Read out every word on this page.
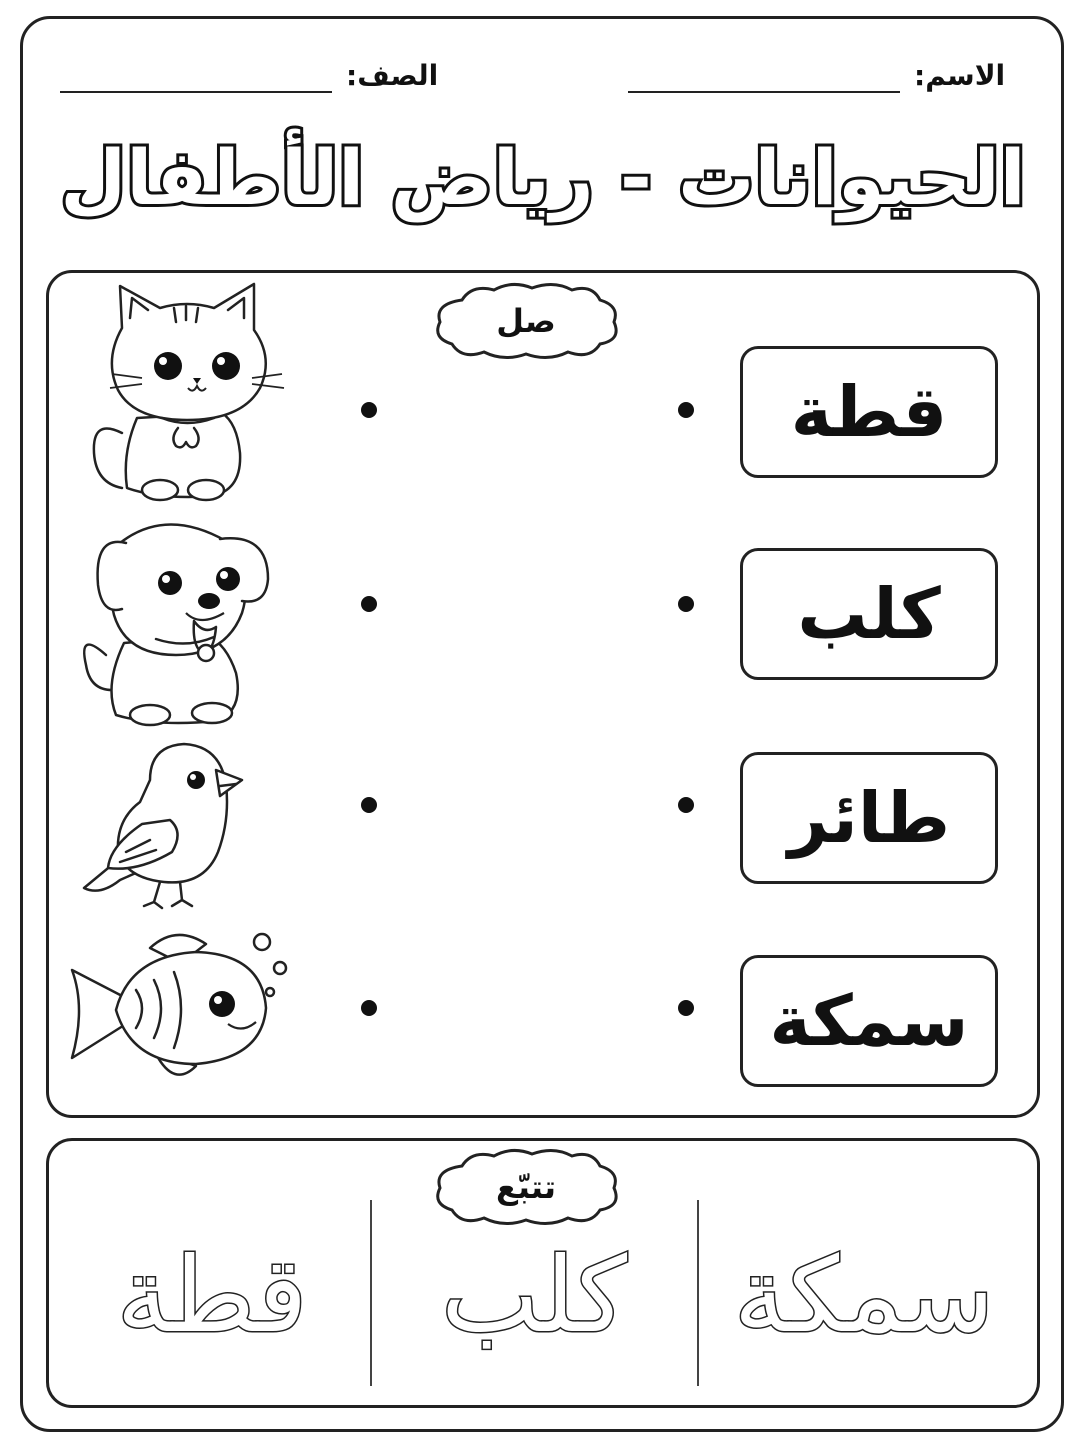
الاسم:
الصف:
الحيوانات - رياض الأطفال
صل
قطة
كلب
طائر
سمكة
تتبّع
سمكة
كلب
قطة
